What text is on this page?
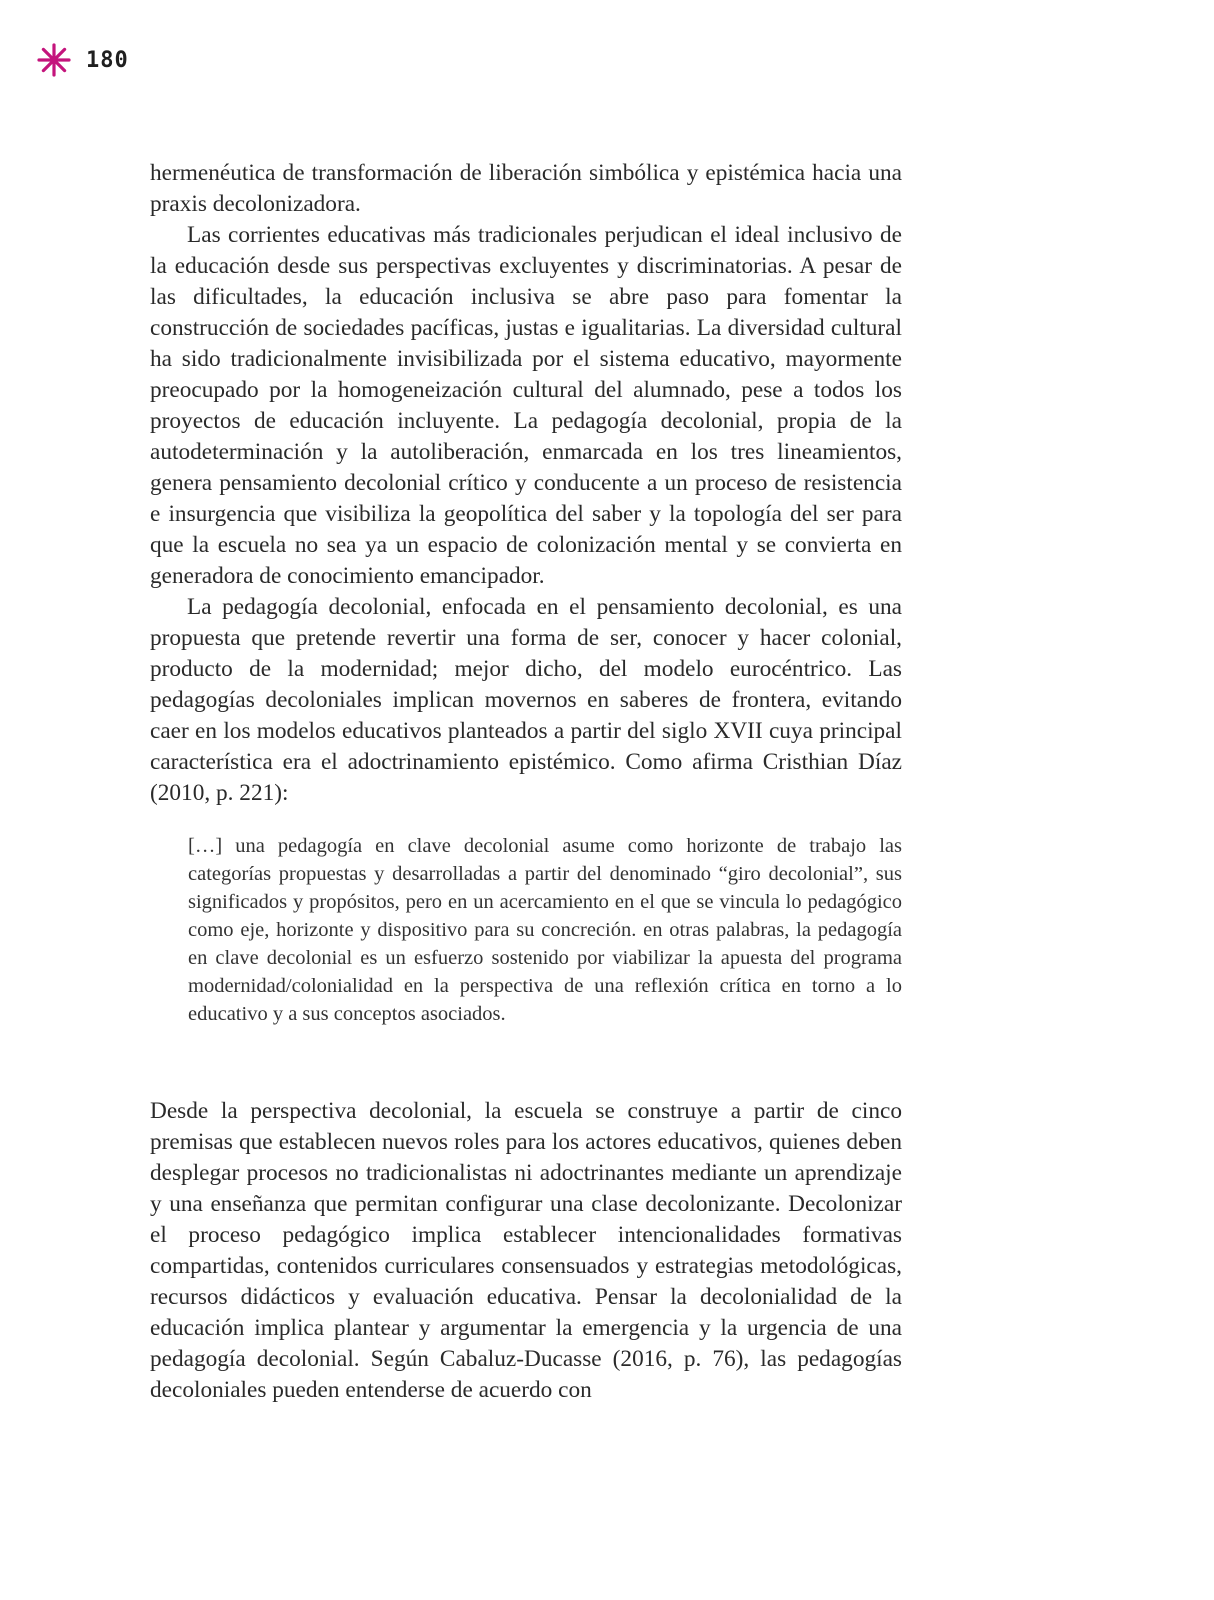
180

hermenéutica de transformación de liberación simbólica y epistémica hacia una praxis decolonizadora.

Las corrientes educativas más tradicionales perjudican el ideal inclusivo de la educación desde sus perspectivas excluyentes y discriminatorias. A pesar de las dificultades, la educación inclusiva se abre paso para fomentar la construcción de sociedades pacíficas, justas e igualitarias. La diversidad cultural ha sido tradicionalmente invisibilizada por el sistema educativo, mayormente preocupado por la homogeneización cultural del alumnado, pese a todos los proyectos de educación incluyente. La pedagogía decolonial, propia de la autodeterminación y la autoliberación, enmarcada en los tres lineamientos, genera pensamiento decolonial crítico y conducente a un proceso de resistencia e insurgencia que visibiliza la geopolítica del saber y la topología del ser para que la escuela no sea ya un espacio de colonización mental y se convierta en generadora de conocimiento emancipador.

La pedagogía decolonial, enfocada en el pensamiento decolonial, es una propuesta que pretende revertir una forma de ser, conocer y hacer colonial, producto de la modernidad; mejor dicho, del modelo eurocéntrico. Las pedagogías decoloniales implican movernos en saberes de frontera, evitando caer en los modelos educativos planteados a partir del siglo XVII cuya principal característica era el adoctrinamiento epistémico. Como afirma Cristhian Díaz (2010, p. 221):

[…] una pedagogía en clave decolonial asume como horizonte de trabajo las categorías propuestas y desarrolladas a partir del denominado “giro decolonial”, sus significados y propósitos, pero en un acercamiento en el que se vincula lo pedagógico como eje, horizonte y dispositivo para su concreción. en otras palabras, la pedagogía en clave decolonial es un esfuerzo sostenido por viabilizar la apuesta del programa modernidad/colonialidad en la perspectiva de una reflexión crítica en torno a lo educativo y a sus conceptos asociados.

Desde la perspectiva decolonial, la escuela se construye a partir de cinco premisas que establecen nuevos roles para los actores educativos, quienes deben desplegar procesos no tradicionalistas ni adoctrinantes mediante un aprendizaje y una enseñanza que permitan configurar una clase decolonizante. Decolonizar el proceso pedagógico implica establecer intencionalidades formativas compartidas, contenidos curriculares consensuados y estrategias metodológicas, recursos didácticos y evaluación educativa. Pensar la decolonialidad de la educación implica plantear y argumentar la emergencia y la urgencia de una pedagogía decolonial. Según Cabaluz-Ducasse (2016, p. 76), las pedagogías decoloniales pueden entenderse de acuerdo con
